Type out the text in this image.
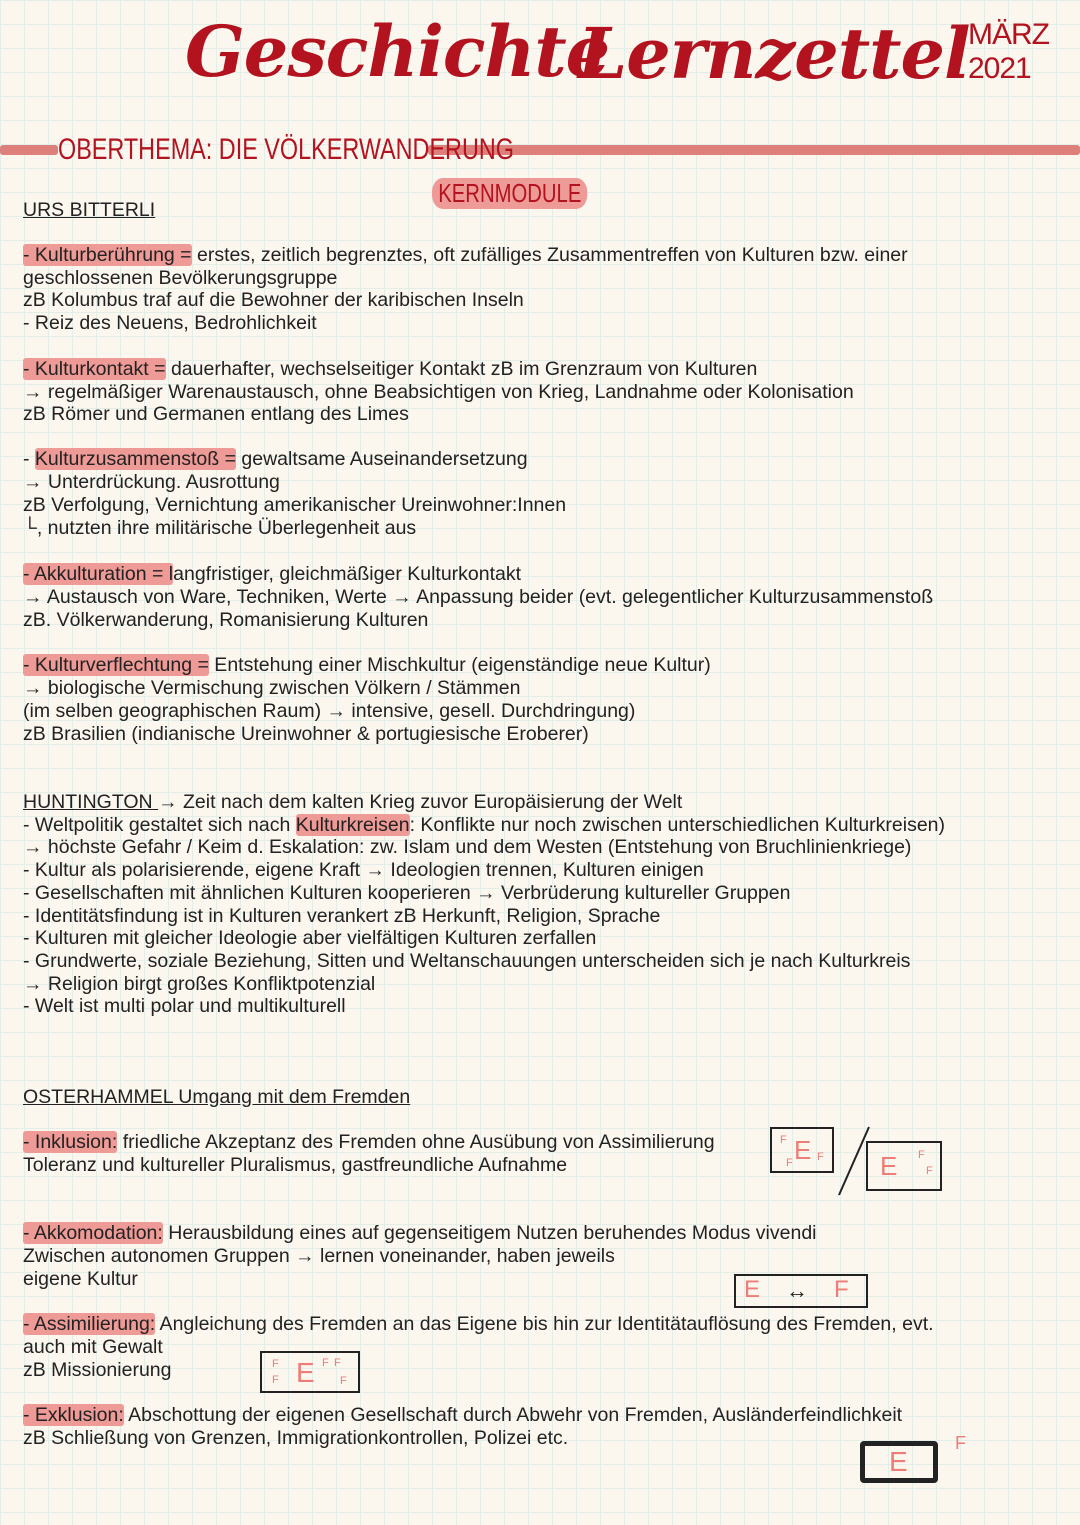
Geschichte
Lernzettel
MÄRZ 2021
OBERTHEMA: DIE VÖLKERWANDERUNG
KERNMODULE
URS BITTERLI
- Kulturberührung = erstes, zeitlich begrenztes, oft zufälliges Zusammentreffen von Kulturen bzw. einer
geschlossenen Bevölkerungsgruppe
zB Kolumbus traf auf die Bewohner der karibischen Inseln
- Reiz des Neuens, Bedrohlichkeit
- Kulturkontakt = dauerhafter, wechselseitiger Kontakt zB im Grenzraum von Kulturen
→ regelmäßiger Warenaustausch, ohne Beabsichtigen von Krieg, Landnahme oder Kolonisation
zB Römer und Germanen entlang des Limes
- Kulturzusammenstoß = gewaltsame Auseinandersetzung
→ Unterdrückung. Ausrottung
zB Verfolgung, Vernichtung amerikanischer Ureinwohner:Innen
└, nutzten ihre militärische Überlegenheit aus
- Akkulturation = langfristiger, gleichmäßiger Kulturkontakt
→ Austausch von Ware, Techniken, Werte → Anpassung beider (evt. gelegentlicher Kulturzusammenstoß
zB. Völkerwanderung, Romanisierung Kulturen
- Kulturverflechtung = Entstehung einer Mischkultur (eigenständige neue Kultur)
→ biologische Vermischung zwischen Völkern / Stämmen
(im selben geographischen Raum) → intensive, gesell. Durchdringung)
zB Brasilien (indianische Ureinwohner & portugiesische Eroberer)
HUNTINGTON → Zeit nach dem kalten Krieg zuvor Europäisierung der Welt
- Weltpolitik gestaltet sich nach Kulturkreisen: Konflikte nur noch zwischen unterschiedlichen Kulturkreisen)
→ höchste Gefahr / Keim d. Eskalation: zw. Islam und dem Westen (Entstehung von Bruchlinienkriege)
- Kultur als polarisierende, eigene Kraft → Ideologien trennen, Kulturen einigen
- Gesellschaften mit ähnlichen Kulturen kooperieren → Verbrüderung kultureller Gruppen
- Identitätsfindung ist in Kulturen verankert zB Herkunft, Religion, Sprache
- Kulturen mit gleicher Ideologie aber vielfältigen Kulturen zerfallen
- Grundwerte, soziale Beziehung, Sitten und Weltanschauungen unterscheiden sich je nach Kulturkreis
→ Religion birgt großes Konfliktpotenzial
- Welt ist multi polar und multikulturell
OSTERHAMMEL Umgang mit dem Fremden
- Inklusion: friedliche Akzeptanz des Fremden ohne Ausübung von Assimilierung
Toleranz und kultureller Pluralismus, gastfreundliche Aufnahme
- Akkomodation: Herausbildung eines auf gegenseitigem Nutzen beruhendes Modus vivendi
Zwischen autonomen Gruppen → lernen voneinander, haben jeweils
eigene Kultur
- Assimilierung: Angleichung des Fremden an das Eigene bis hin zur Identitätauflösung des Fremden, evt.
auch mit Gewalt
zB Missionierung
- Exklusion: Abschottung der eigenen Gesellschaft durch Abwehr von Fremden, Ausländerfeindlichkeit
zB Schließung von Grenzen, Immigrationkontrollen, Polizei etc.
E
F
F
F	E F
F
E ↔ F
F
F E F F
F
E
F
